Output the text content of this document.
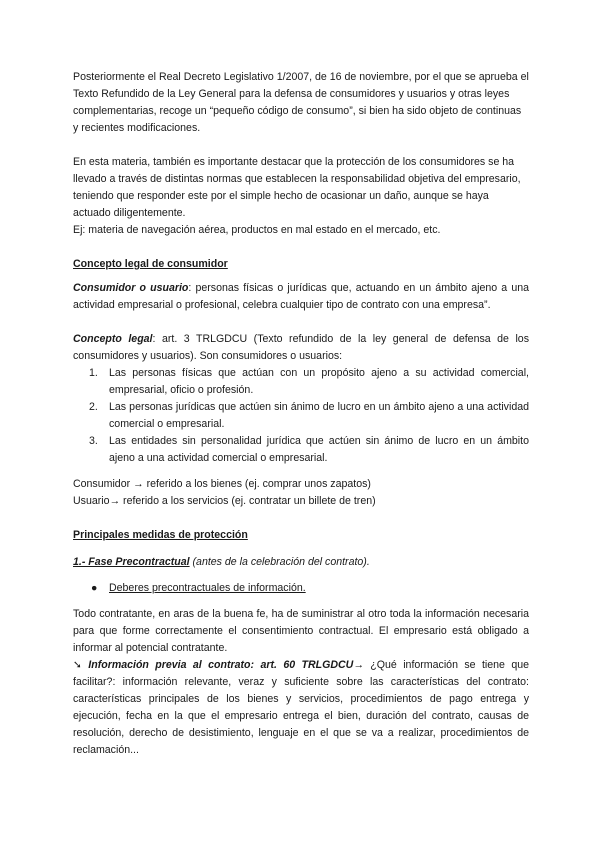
Posteriormente el Real Decreto Legislativo 1/2007, de 16 de noviembre, por el que se aprueba el Texto Refundido de la Ley General para la defensa de consumidores y usuarios y otras leyes complementarias, recoge un “pequeño código de consumo”, si bien ha sido objeto de continuas y recientes modificaciones.

En esta materia, también es importante destacar que la protección de los consumidores se ha llevado a través de distintas normas que establecen la responsabilidad objetiva del empresario, teniendo que responder este por el simple hecho de ocasionar un daño, aunque se haya actuado diligentemente.

Ej: materia de navegación aérea, productos en mal estado en el mercado, etc.

Concepto legal de consumidor

Consumidor o usuario: personas físicas o jurídicas que, actuando en un ámbito ajeno a una actividad empresarial o profesional, celebra cualquier tipo de contrato con una empresa”.

Concepto legal: art. 3 TRLGDCU (Texto refundido de la ley general de defensa de los consumidores y usuarios). Son consumidores o usuarios:

1. Las personas físicas que actúan con un propósito ajeno a su actividad comercial, empresarial, oficio o profesión.
2. Las personas jurídicas que actúen sin ánimo de lucro en un ámbito ajeno a una actividad comercial o empresarial.
3. Las entidades sin personalidad jurídica que actúen sin ánimo de lucro en un ámbito ajeno a una actividad comercial o empresarial.

Consumidor → referido a los bienes (ej. comprar unos zapatos)

Usuario→ referido a los servicios (ej. contratar un billete de tren)

Principales medidas de protección

1.- Fase Precontractual (antes de la celebración del contrato).

● Deberes precontractuales de información.

Todo contratante, en aras de la buena fe, ha de suministrar al otro toda la información necesaria para que forme correctamente el consentimiento contractual. El empresario está obligado a informar al potencial contratante.

➘ Información previa al contrato: art. 60 TRLGDCU→ ¿Qué información se tiene que facilitar?: información relevante, veraz y suficiente sobre las características del contrato: características principales de los bienes y servicios, procedimientos de pago entrega y ejecución, fecha en la que el empresario entrega el bien, duración del contrato, causas de resolución, derecho de desistimiento, lenguaje en el que se va a realizar, procedimientos de reclamación...
